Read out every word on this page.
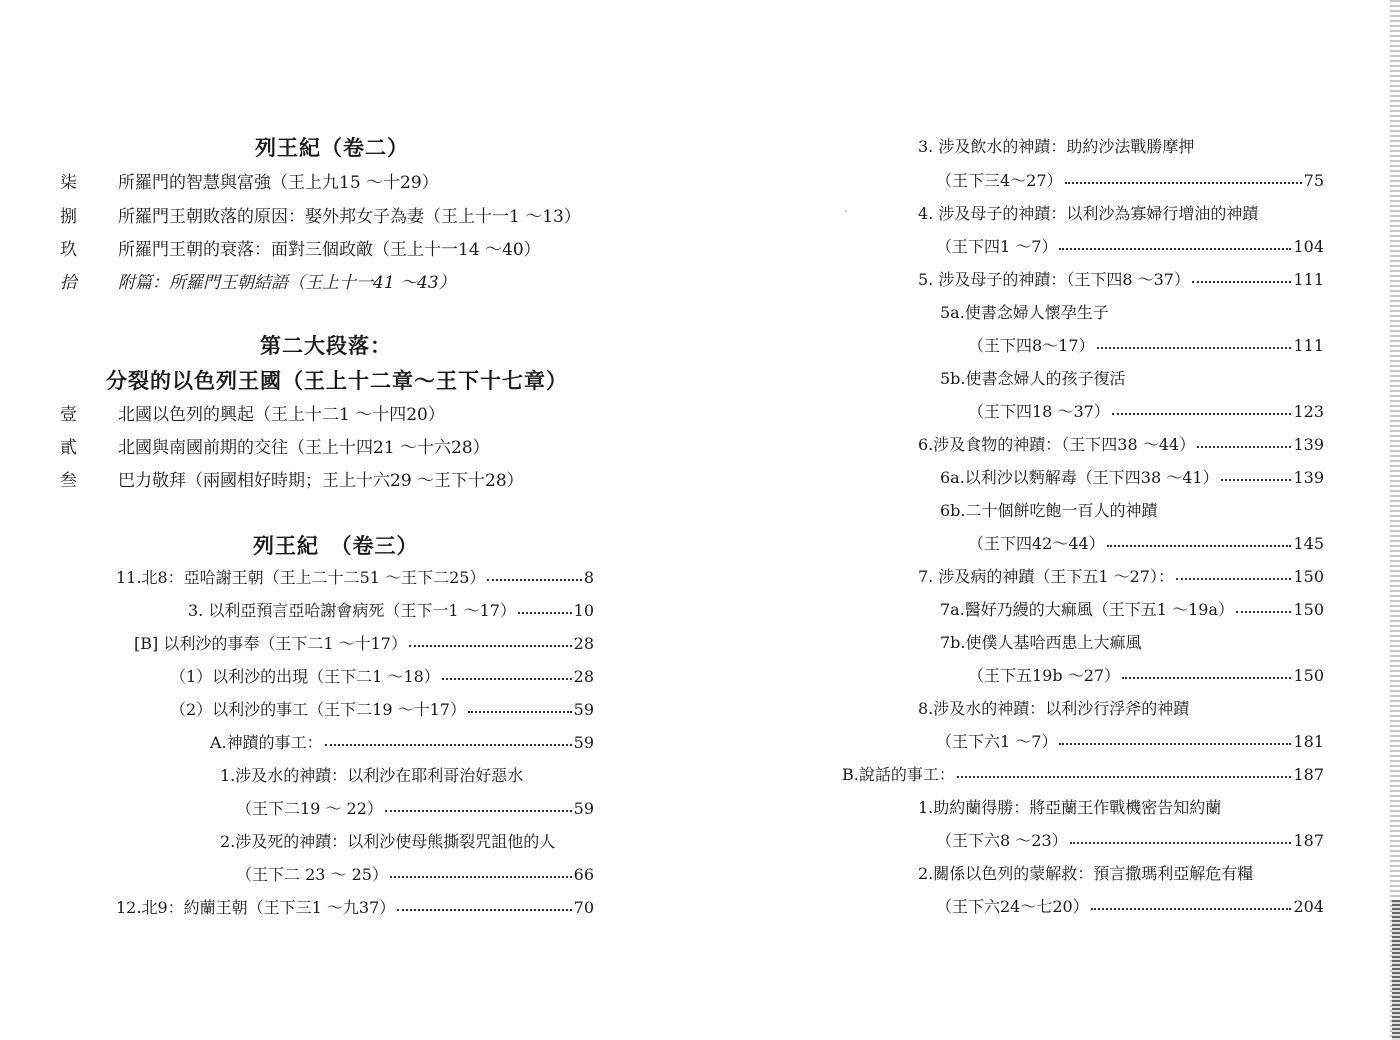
列王紀（卷二）
柒	所羅門的智慧與富強（王上九15 ～十29）
捌	所羅門王朝敗落的原因：娶外邦女子為妻（王上十一1 ～13）
玖	所羅門王朝的衰落：面對三個政敵（王上十一14 ～40）
拾	附篇：所羅門王朝結語（王上十一41 ～43）
第二大段落：
分裂的以色列王國（王上十二章～王下十七章）
壹	北國以色列的興起（王上十二1 ～十四20）
貳	北國與南國前期的交往（王上十四21 ～十六28）
叁	巴力敬拜（兩國相好時期；王上十六29 ～王下十28）
列王紀　（卷三）
11.北8：亞哈謝王朝（王上二十二51 ～王下二25）	8
3. 以利亞預言亞哈謝會病死（王下一1 ～17）	10
[B] 以利沙的事奉（王下二1 ～十17）	28
（1）以利沙的出現（王下二1 ～18）	28
（2）以利沙的事工（王下二19 ～十17）	59
A.神蹟的事工：	59
1.涉及水的神蹟：以利沙在耶利哥治好惡水
（王下二19 ～ 22）	59
2.涉及死的神蹟：以利沙使母熊撕裂咒詛他的人
（王下二 23 ～ 25）	66
12.北9：約蘭王朝（王下三1 ～九37）	70
3. 涉及飲水的神蹟：助約沙法戰勝摩押
（王下三4～27）	75
4. 涉及母子的神蹟：以利沙為寡婦行增油的神蹟
（王下四1 ～7）	104
5. 涉及母子的神蹟：（王下四8 ～37）	111
5a.使書念婦人懷孕生子
（王下四8～17）	111
5b.使書念婦人的孩子復活
（王下四18 ～37）	123
6.涉及食物的神蹟：（王下四38 ～44）	139
6a.以利沙以麪解毒（王下四38 ～41）	139
6b.二十個餅吃飽一百人的神蹟
（王下四42～44）	145
7. 涉及病的神蹟（王下五1 ～27）：	150
7a.醫好乃縵的大痲風（王下五1 ～19a）	150
7b.使僕人基哈西患上大痲風
（王下五19b ～27）	150
8.涉及水的神蹟：以利沙行浮斧的神蹟
（王下六1 ～7）	181
B.說話的事工：	187
1.助約蘭得勝：將亞蘭王作戰機密告知約蘭
（王下六8 ～23）	187
2.關係以色列的蒙解救：預言撒瑪利亞解危有糧
（王下六24～七20）	204
